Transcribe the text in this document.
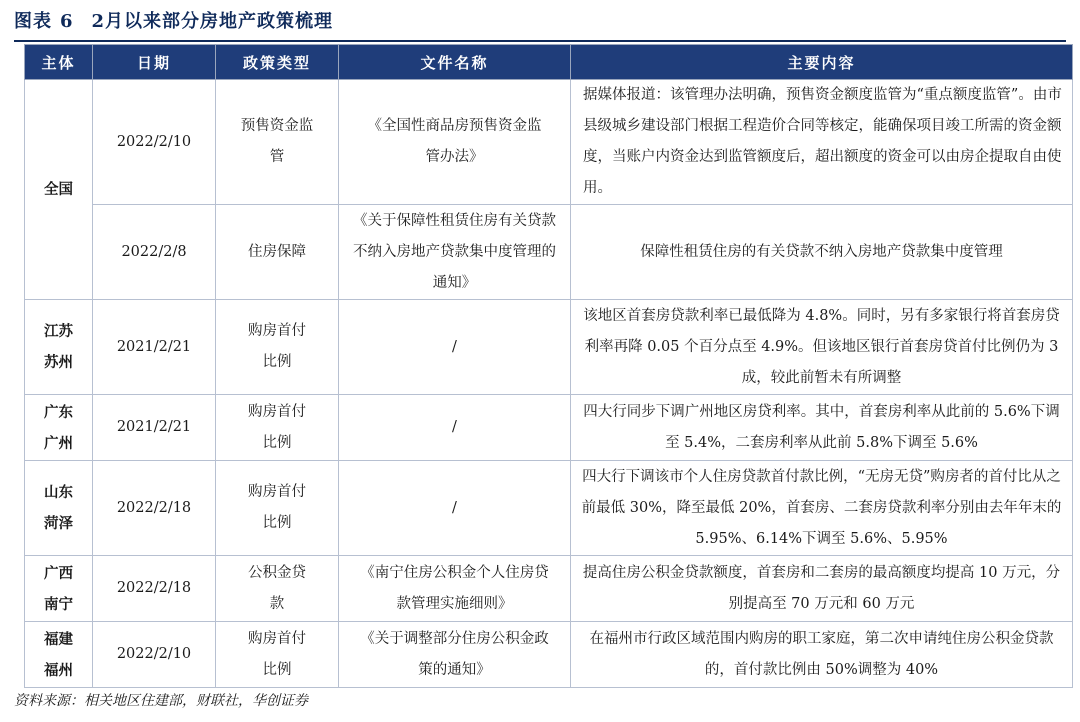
图表 6 2月以来部分房地产政策梳理
主体	日期	政策类型	文件名称	主要内容
全国	2022/2/10	预售资金监管	《全国性商品房预售资金监管办法》	据媒体报道：该管理办法明确，预售资金额度监管为“重点额度监管”。由市县级城乡建设部门根据工程造价合同等核定，能确保项目竣工所需的资金额度，当账户内资金达到监管额度后，超出额度的资金可以由房企提取自由使用。
	2022/2/8	住房保障	《关于保障性租赁住房有关贷款不纳入房地产贷款集中度管理的通知》	保障性租赁住房的有关贷款不纳入房地产贷款集中度管理
江苏苏州	2021/2/21	购房首付比例	/	该地区首套房贷款利率已最低降为 4.8%。同时，另有多家银行将首套房贷利率再降 0.05 个百分点至 4.9%。但该地区银行首套房贷首付比例仍为 3 成，较此前暂未有所调整
广东广州	2021/2/21	购房首付比例	/	四大行同步下调广州地区房贷利率。其中，首套房利率从此前的 5.6%下调至 5.4%，二套房利率从此前 5.8%下调至 5.6%
山东菏泽	2022/2/18	购房首付比例	/	四大行下调该市个人住房贷款首付款比例，“无房无贷”购房者的首付比从之前最低 30%，降至最低 20%，首套房、二套房贷款利率分别由去年年末的 5.95%、6.14%下调至 5.6%、5.95%
广西南宁	2022/2/18	公积金贷款	《南宁住房公积金个人住房贷款管理实施细则》	提高住房公积金贷款额度，首套房和二套房的最高额度均提高 10 万元，分别提高至 70 万元和 60 万元
福建福州	2022/2/10	购房首付比例	《关于调整部分住房公积金政策的通知》	在福州市行政区域范围内购房的职工家庭，第二次申请纯住房公积金贷款的，首付款比例由 50%调整为 40%
资料来源：相关地区住建部，财联社，华创证券
